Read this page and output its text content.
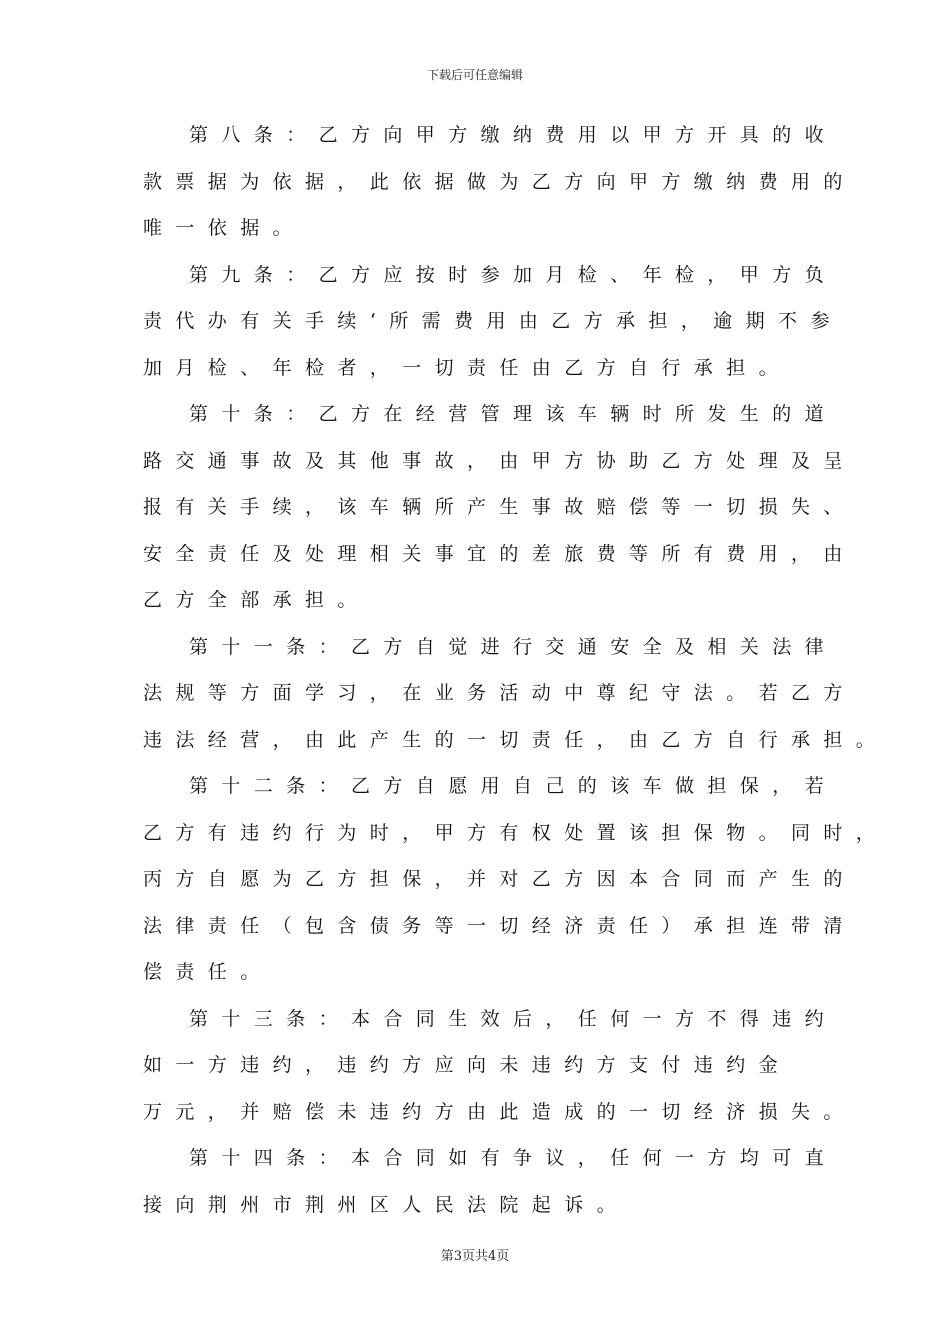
下载后可任意编辑
第八条：乙方向甲方缴纳费用以甲方开具的收
款票据为依据，此依据做为乙方向甲方缴纳费用的
唯一依据。
第九条：乙方应按时参加月检、年检，甲方负
责代办有关手续‘所需费用由乙方承担，逾期不参
加月检、年检者，一切责任由乙方自行承担。
第十条：乙方在经营管理该车辆时所发生的道
路交通事故及其他事故，由甲方协助乙方处理及呈
报有关手续，该车辆所产生事故赔偿等一切损失、
安全责任及处理相关事宜的差旅费等所有费用，由
乙方全部承担。
第十一条：乙方自觉进行交通安全及相关法律
法规等方面学习，在业务活动中尊纪守法。若乙方
违法经营，由此产生的一切责任，由乙方自行承担。
第十二条：乙方自愿用自己的该车做担保，若
乙方有违约行为时，甲方有权处置该担保物。同时，
丙方自愿为乙方担保，并对乙方因本合同而产生的
法律责任（包含债务等一切经济责任）承担连带清
偿责任。
第十三条：本合同生效后，任何一方不得违约
如一方违约，违约方应向未违约方支付违约金
万元，并赔偿未违约方由此造成的一切经济损失。
第十四条：本合同如有争议，任何一方均可直
接向荆州市荆州区人民法院起诉。
第3页共4页
